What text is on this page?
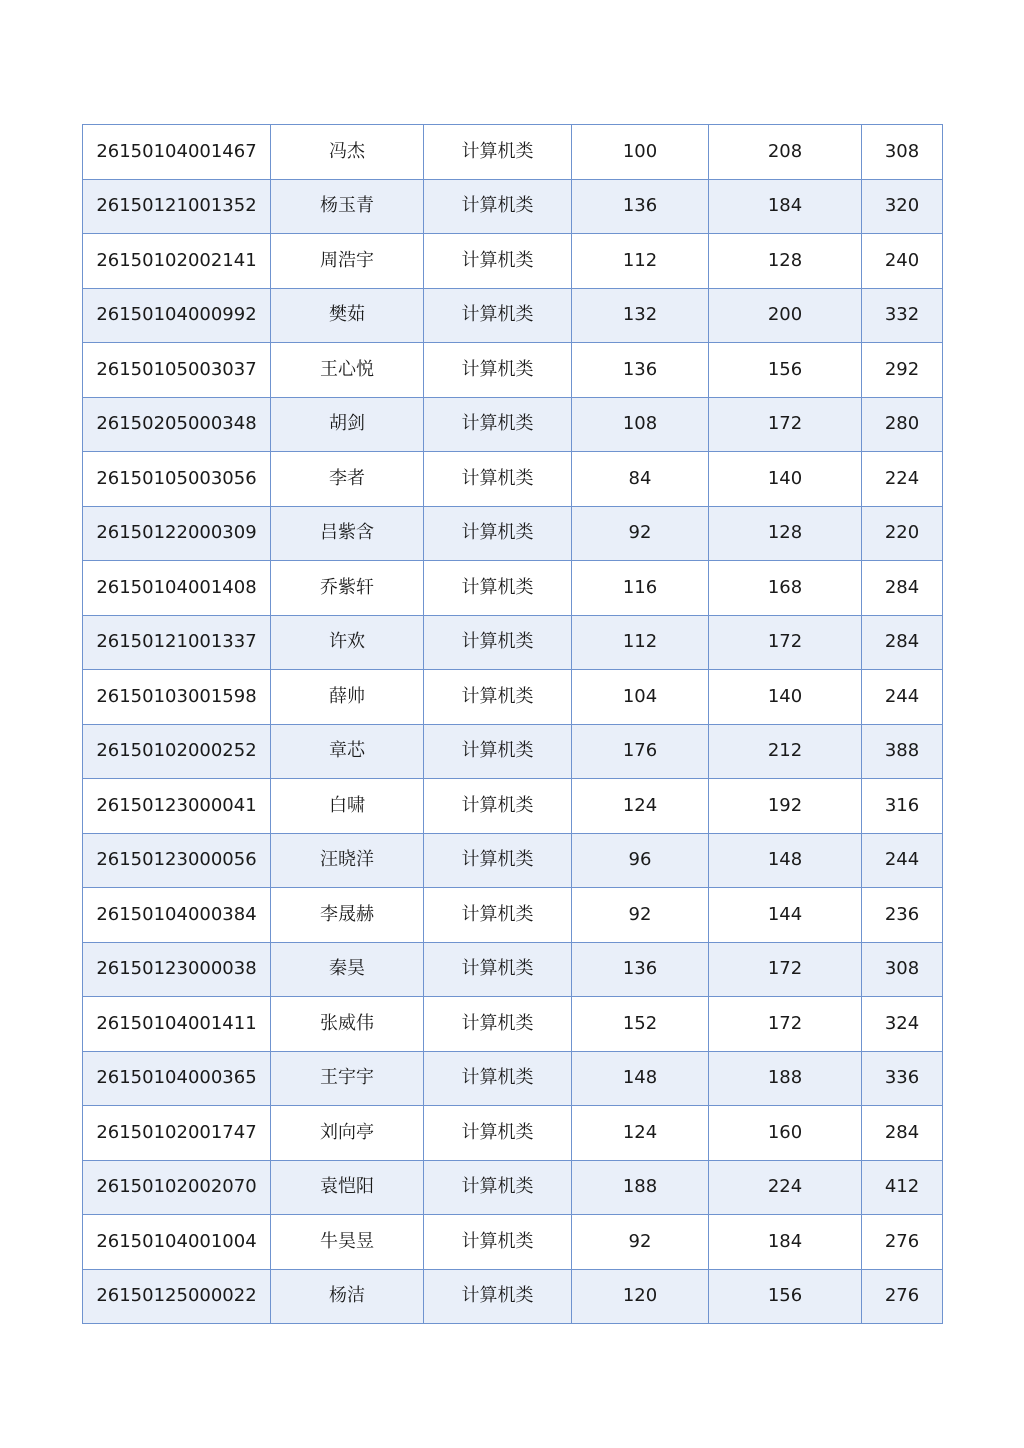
26150104001467	冯杰	计算机类	100	208	308
26150121001352	杨玉青	计算机类	136	184	320
26150102002141	周浩宇	计算机类	112	128	240
26150104000992	樊茹	计算机类	132	200	332
26150105003037	王心悦	计算机类	136	156	292
26150205000348	胡剑	计算机类	108	172	280
26150105003056	李者	计算机类	84	140	224
26150122000309	吕紫含	计算机类	92	128	220
26150104001408	乔紫轩	计算机类	116	168	284
26150121001337	许欢	计算机类	112	172	284
26150103001598	薛帅	计算机类	104	140	244
26150102000252	章芯	计算机类	176	212	388
26150123000041	白啸	计算机类	124	192	316
26150123000056	汪晓洋	计算机类	96	148	244
26150104000384	李晟赫	计算机类	92	144	236
26150123000038	秦昊	计算机类	136	172	308
26150104001411	张威伟	计算机类	152	172	324
26150104000365	王宇宇	计算机类	148	188	336
26150102001747	刘向亭	计算机类	124	160	284
26150102002070	袁恺阳	计算机类	188	224	412
26150104001004	牛昊昱	计算机类	92	184	276
26150125000022	杨洁	计算机类	120	156	276
